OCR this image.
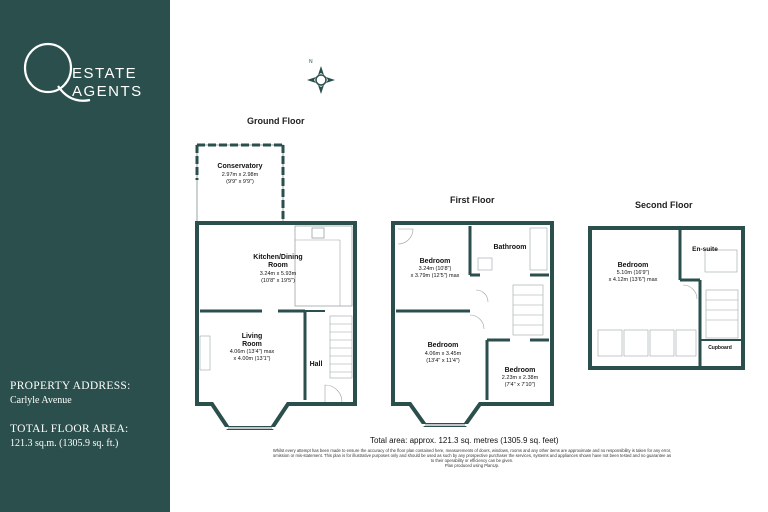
ESTATE
AGENTS
PROPERTY ADDRESS:
Carlyle Avenue
TOTAL FLOOR AREA:
121.3 sq.m. (1305.9 sq. ft.)
Ground Floor
First Floor	Second Floor
N
Conservatory
2.97m x 2.98m
(9'9" x 9'9")
Kitchen/Dining
Room
3.24m x 5.93m
(10'8" x 19'5")
Living
Room
4.06m (13'4") max
x 4.00m (13'1")
Hall
Bedroom
3.24m (10'8")
x 3.79m (12'5") max
Bathroom
Bedroom
4.06m x 3.45m
(13'4" x 11'4")
Bedroom
2.23m x 2.38m
(7'4" x 7'10")
Bedroom
5.10m (16'9")
x 4.12m (13'6") max
En-suite
Cupboard
Total area: approx. 121.3 sq. metres (1305.9 sq. feet)
Whilst every attempt has been made to ensure the accuracy of the floor plan contained here, measurements of doors, windows, rooms and any other items are approximate and no responsibility is taken for any error, omission or mis-statement. This plan is for illustrative purposes only and should be used as such by any prospective purchaser the services, systems and appliances shown have not been tested and no guarantee as to their operability or efficiency can be given.
Plan produced using PlanUp.
